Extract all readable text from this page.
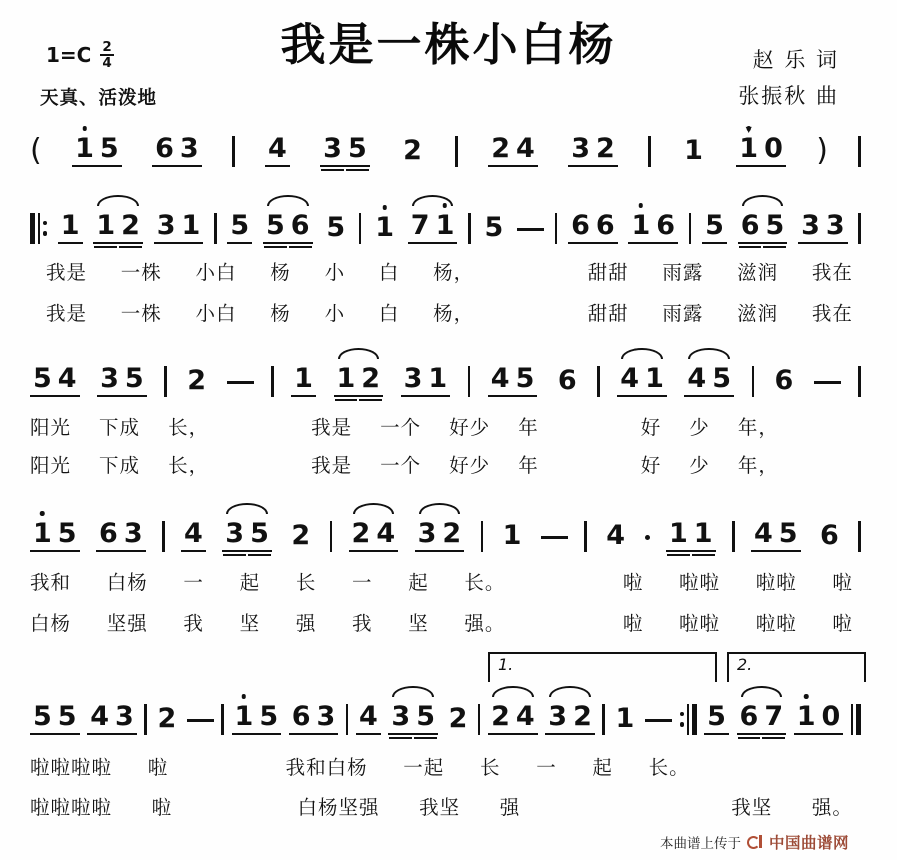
我是一株小白杨
$1=C \frac{2}{4}$
天真、活泼地
赵 乐 词
张振秋 曲
( 1 5 6 3	4 3 5 2	2 4 3 2	1 1
▼
0 )
1 1 2 3 1 5 5 6 5 1 7 1 5	6 6 1 6 5 6 5 3 3
我是 一株 小白 杨 小 白 杨，	甜甜 雨露 滋润 我在
我是 一株 小白 杨 小 白 杨，	甜甜 雨露 滋润 我在
5 4 3 5 2	1 1 2 3 1 4 5 6 4 1 4 5 6
阳光 下成 长，	我是 一个 好少 年	好 少 年，
阳光 下成 长，	我是 一个 好少 年	好 少 年，
1 5 6 3 4 3 5 2 2 4 3 2 1	4 1 1 4 5 6
我和 白杨 一 起 长 一 起 长。	啦 啦啦 啦啦 啦
白杨 坚强 我 坚 强 我 坚 强。	啦 啦啦 啦啦 啦
1.	2.
5 5 4 3 2 1 5 6 3 4 3 5 2 2 4 3 2 1	5 6 7 1 0
啦啦啦啦 啦	我和白杨 一起 长 一 起 长。
啦啦啦啦 啦	白杨坚强 我坚 强	我坚 强。
本曲谱上传于 中国曲谱网
